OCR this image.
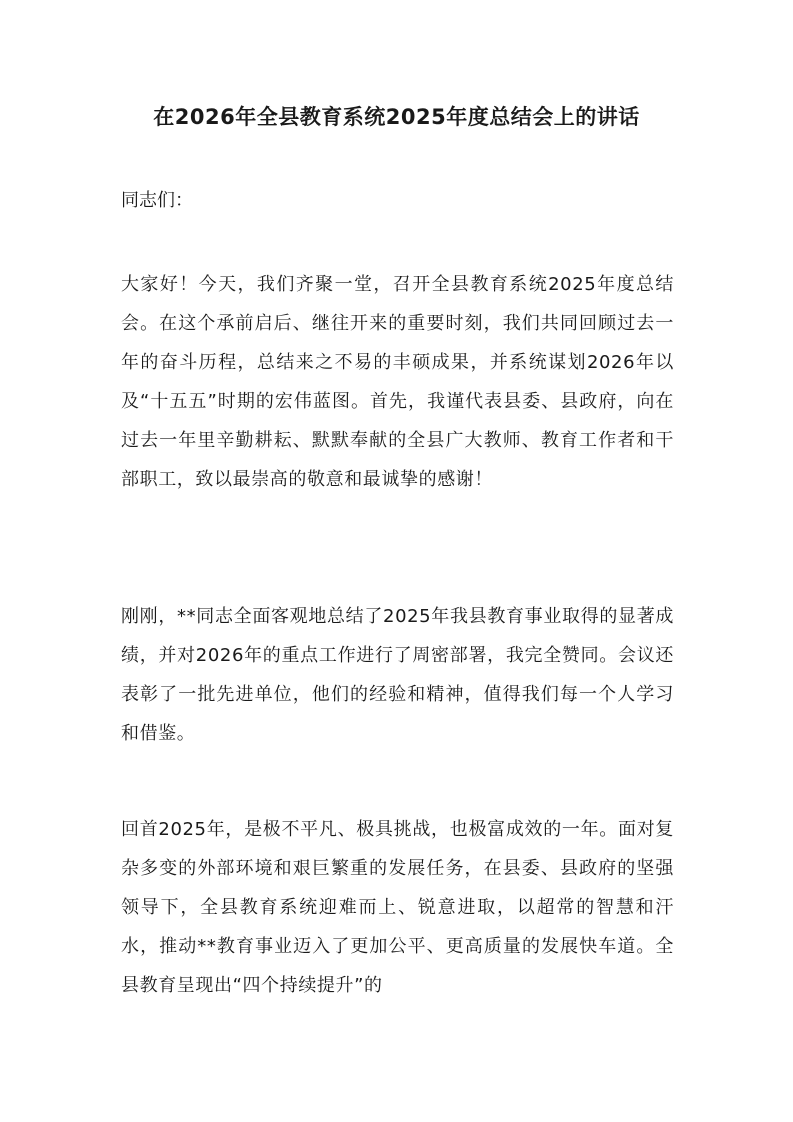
在2026年全县教育系统2025年度总结会上的讲话

同志们：

大家好！今天，我们齐聚一堂，召开全县教育系统2025年度总结会。在这个承前启后、继往开来的重要时刻，我们共同回顾过去一年的奋斗历程，总结来之不易的丰硕成果，并系统谋划2026年以及“十五五”时期的宏伟蓝图。首先，我谨代表县委、县政府，向在过去一年里辛勤耕耘、默默奉献的全县广大教师、教育工作者和干部职工，致以最崇高的敬意和最诚挚的感谢！

刚刚，**同志全面客观地总结了2025年我县教育事业取得的显著成绩，并对2026年的重点工作进行了周密部署，我完全赞同。会议还表彰了一批先进单位，他们的经验和精神，值得我们每一个人学习和借鉴。

回首2025年，是极不平凡、极具挑战，也极富成效的一年。面对复杂多变的外部环境和艰巨繁重的发展任务，在县委、县政府的坚强领导下，全县教育系统迎难而上、锐意进取，以超常的智慧和汗水，推动**教育事业迈入了更加公平、更高质量的发展快车道。全县教育呈现出“四个持续提升”的
